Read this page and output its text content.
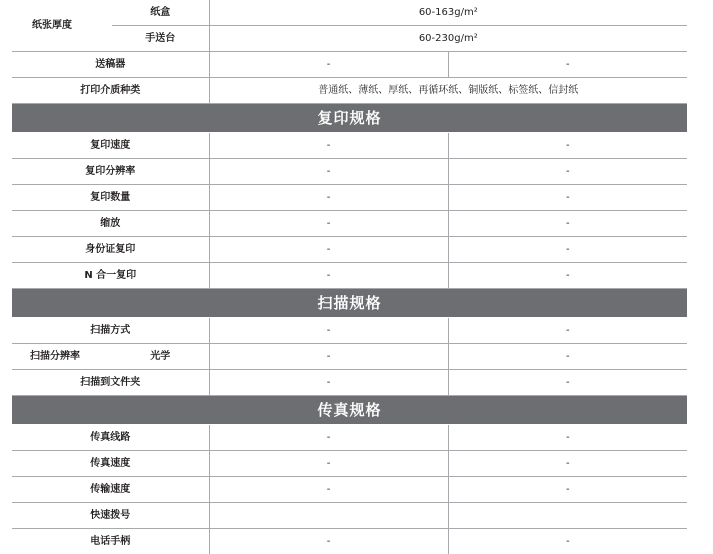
纸张厚度	纸盒	60-163g/m²	
	手送台	60-230g/m²	
送稿器		-	-
打印介质种类		普通纸、薄纸、厚纸、再循环纸、铜版纸、标签纸、信封纸	
复印规格			
复印速度		-	-
复印分辨率		-	-
复印数量		-	-
缩放		-	-
身份证复印		-	-
N 合一复印		-	-
扫描规格			
扫描方式		-	-
扫描分辨率	光学	-	-
扫描到文件夹		-	-
传真规格			
传真线路		-	-
传真速度		-	-
传输速度		-	-
快速拨号			
电话手柄		-	-
